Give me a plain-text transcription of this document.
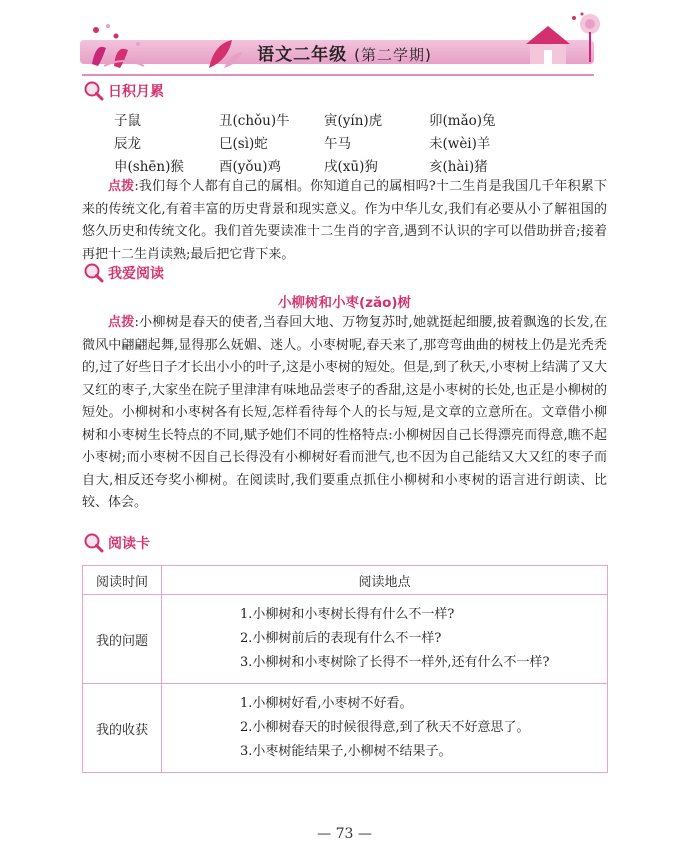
语文二年级 (第二学期)
日积月累
子鼠	丑(chǒu)牛	寅(yín)虎	卯(mǎo)兔
辰龙	巳(sì)蛇	午马	未(wèi)羊
申(shēn)猴	酉(yǒu)鸡	戌(xū)狗	亥(hài)猪
点拨:我们每个人都有自己的属相。你知道自己的属相吗?十二生肖是我国几千年积累下来的传统文化,有着丰富的历史背景和现实意义。作为中华儿女,我们有必要从小了解祖国的悠久历史和传统文化。我们首先要读准十二生肖的字音,遇到不认识的字可以借助拼音;接着再把十二生肖读熟;最后把它背下来。
我爱阅读
小柳树和小枣(zǎo)树
点拨:小柳树是春天的使者,当春回大地、万物复苏时,她就挺起细腰,披着飘逸的长发,在微风中翩翩起舞,显得那么妩媚、迷人。小枣树呢,春天来了,那弯弯曲曲的树枝上仍是光秃秃的,过了好些日子才长出小小的叶子,这是小枣树的短处。但是,到了秋天,小枣树上结满了又大又红的枣子,大家坐在院子里津津有味地品尝枣子的香甜,这是小枣树的长处,也正是小柳树的短处。小柳树和小枣树各有长短,怎样看待每个人的长与短,是文章的立意所在。文章借小柳树和小枣树生长特点的不同,赋予她们不同的性格特点:小柳树因自己长得漂亮而得意,瞧不起小枣树;而小枣树不因自己长得没有小柳树好看而泄气,也不因为自己能结又大又红的枣子而自大,相反还夸奖小柳树。在阅读时,我们要重点抓住小柳树和小枣树的语言进行朗读、比较、体会。
阅读卡
阅读时间	阅读地点
我的问题	1.小柳树和小枣树长得有什么不一样?
2.小柳树前后的表现有什么不一样?
3.小柳树和小枣树除了长得不一样外,还有什么不一样?

我的收获	1.小柳树好看,小枣树不好看。
2.小柳树春天的时候很得意,到了秋天不好意思了。
3.小枣树能结果子,小柳树不结果子。
— 73 —
